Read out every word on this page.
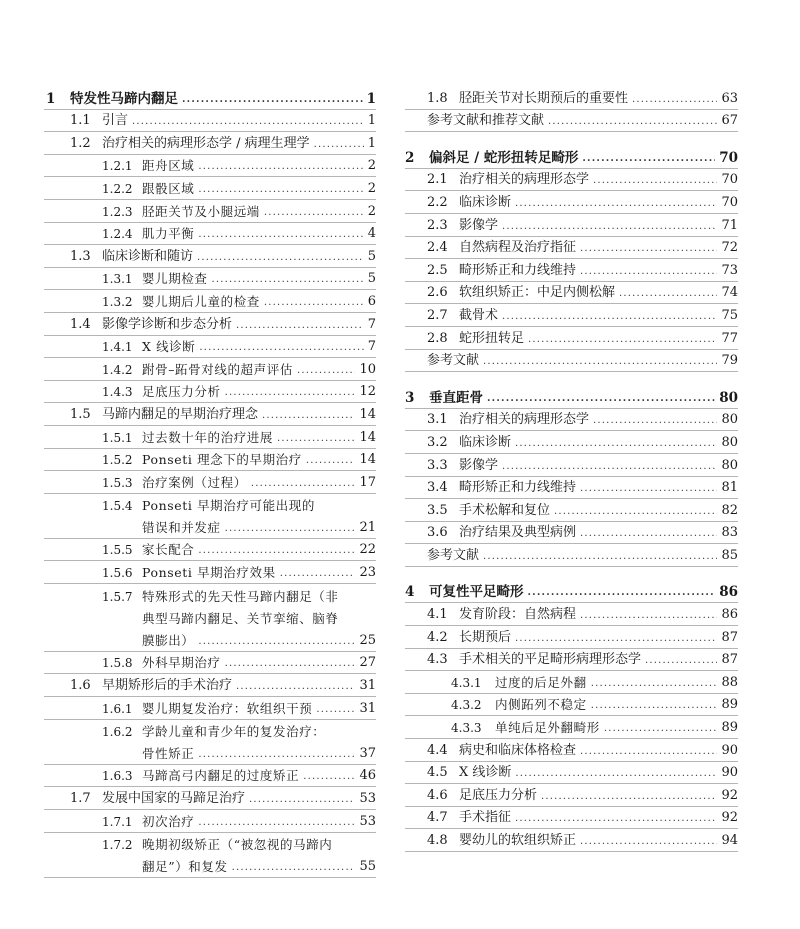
1	特发性马蹄内翻足 .....	1
1.1 引言 .....	1
1.2 治疗相关的病理形态学 / 病理生理学 .....	1
1.2.1 距舟区域 .....	2
1.2.2 跟骰区域 .....	2
1.2.3 胫距关节及小腿远端 .....	2
1.2.4 肌力平衡 .....	4
1.3 临床诊断和随访 .....	5
1.3.1 婴儿期检查 .....	5
1.3.2 婴儿期后儿童的检查 .....	6
1.4 影像学诊断和步态分析 .....	7
1.4.1 X 线诊断 .....	7
1.4.2 跗骨–跖骨对线的超声评估 .....	10
1.4.3 足底压力分析 .....	12
1.5 马蹄内翻足的早期治疗理念 .....	14
1.5.1 过去数十年的治疗进展 .....	14
1.5.2 Ponseti 理念下的早期治疗 .....	14
1.5.3 治疗案例（过程） .....	17
1.5.4 Ponseti 早期治疗可能出现的
错误和并发症 .....	21
1.5.5 家长配合 .....	22
1.5.6 Ponseti 早期治疗效果 .....	23
1.5.7 特殊形式的先天性马蹄内翻足（非
典型马蹄内翻足、关节挛缩、脑脊
膜膨出） .....	25
1.5.8 外科早期治疗 .....	27
1.6 早期矫形后的手术治疗 .....	31
1.6.1 婴儿期复发治疗：软组织干预 .....	31
1.6.2 学龄儿童和青少年的复发治疗：
骨性矫正 .....	37
1.6.3 马蹄高弓内翻足的过度矫正 .....	46
1.7 发展中国家的马蹄足治疗 .....	53
1.7.1 初次治疗 .....	53
1.7.2 晚期初级矫正（“被忽视的马蹄内
翻足”）和复发 .....	55
1.8 胫距关节对长期预后的重要性 .....	63
参考文献和推荐文献 .....	67
2	偏斜足 / 蛇形扭转足畸形 .....	70
2.1 治疗相关的病理形态学 .....	70
2.2 临床诊断 .....	70
2.3 影像学 .....	71
2.4 自然病程及治疗指征 .....	72
2.5 畸形矫正和力线维持 .....	73
2.6 软组织矫正：中足内侧松解 .....	74
2.7 截骨术 .....	75
2.8 蛇形扭转足 .....	77
参考文献 .....	79
3	垂直距骨 .....	80
3.1 治疗相关的病理形态学 .....	80
3.2 临床诊断 .....	80
3.3 影像学 .....	80
3.4 畸形矫正和力线维持 .....	81
3.5 手术松解和复位 .....	82
3.6 治疗结果及典型病例 .....	83
参考文献 .....	85
4	可复性平足畸形 .....	86
4.1 发育阶段：自然病程 .....	86
4.2 长期预后 .....	87
4.3 手术相关的平足畸形病理形态学 .....	87
4.3.1	过度的后足外翻 .....	88
4.3.2	内侧跖列不稳定 .....	89
4.3.3	单纯后足外翻畸形 .....	89
4.4 病史和临床体格检查 .....	90
4.5 X 线诊断 .....	90
4.6 足底压力分析 .....	92
4.7 手术指征 .....	92
4.8 婴幼儿的软组织矫正 .....	94
